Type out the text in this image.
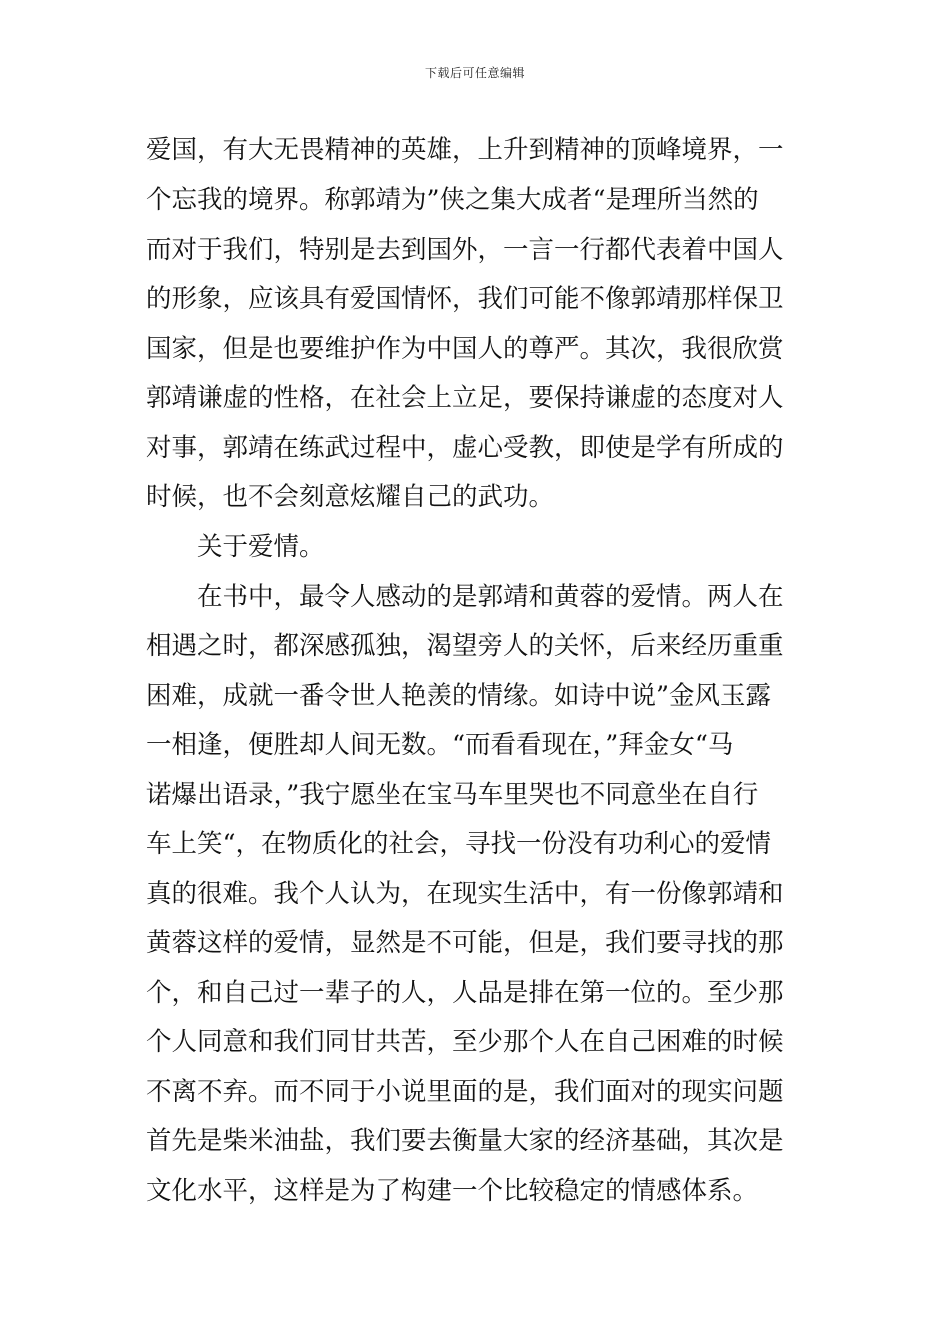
下载后可任意编辑
爱国，有大无畏精神的英雄，上升到精神的顶峰境界，一
个忘我的境界。称郭靖为”侠之集大成者“是理所当然的
而对于我们，特别是去到国外，一言一行都代表着中国人
的形象，应该具有爱国情怀，我们可能不像郭靖那样保卫
国家，但是也要维护作为中国人的尊严。其次，我很欣赏
郭靖谦虚的性格，在社会上立足，要保持谦虚的态度对人
对事，郭靖在练武过程中，虚心受教，即使是学有所成的
时候，也不会刻意炫耀自己的武功。
关于爱情。
在书中，最令人感动的是郭靖和黄蓉的爱情。两人在
相遇之时，都深感孤独，渴望旁人的关怀，后来经历重重
困难，成就一番令世人艳羡的情缘。如诗中说”金风玉露
一相逢，便胜却人间无数。“而看看现在，”拜金女“马
诺爆出语录，”我宁愿坐在宝马车里哭也不同意坐在自行
车上笑“，在物质化的社会，寻找一份没有功利心的爱情
真的很难。我个人认为，在现实生活中，有一份像郭靖和
黄蓉这样的爱情，显然是不可能，但是，我们要寻找的那
个，和自己过一辈子的人，人品是排在第一位的。至少那
个人同意和我们同甘共苦，至少那个人在自己困难的时候
不离不弃。而不同于小说里面的是，我们面对的现实问题
首先是柴米油盐，我们要去衡量大家的经济基础，其次是
文化水平，这样是为了构建一个比较稳定的情感体系。
